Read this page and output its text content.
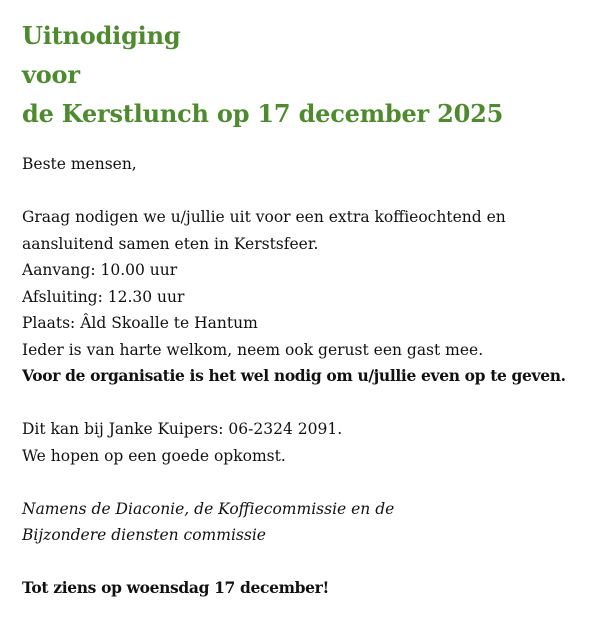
Uitnodiging
voor
de Kerstlunch op 17 december 2025
Beste mensen,
Graag nodigen we u/jullie uit voor een extra koffieochtend en
aansluitend samen eten in Kerstsfeer.
Aanvang: 10.00 uur
Afsluiting: 12.30 uur
Plaats: Âld Skoalle te Hantum
Ieder is van harte welkom, neem ook gerust een gast mee.
Voor de organisatie is het wel nodig om u/jullie even op te geven.
Dit kan bij Janke Kuipers: 06-2324 2091.
We hopen op een goede opkomst.
Namens de Diaconie, de Koffiecommissie en de
Bijzondere diensten commissie
Tot ziens op woensdag 17 december!
